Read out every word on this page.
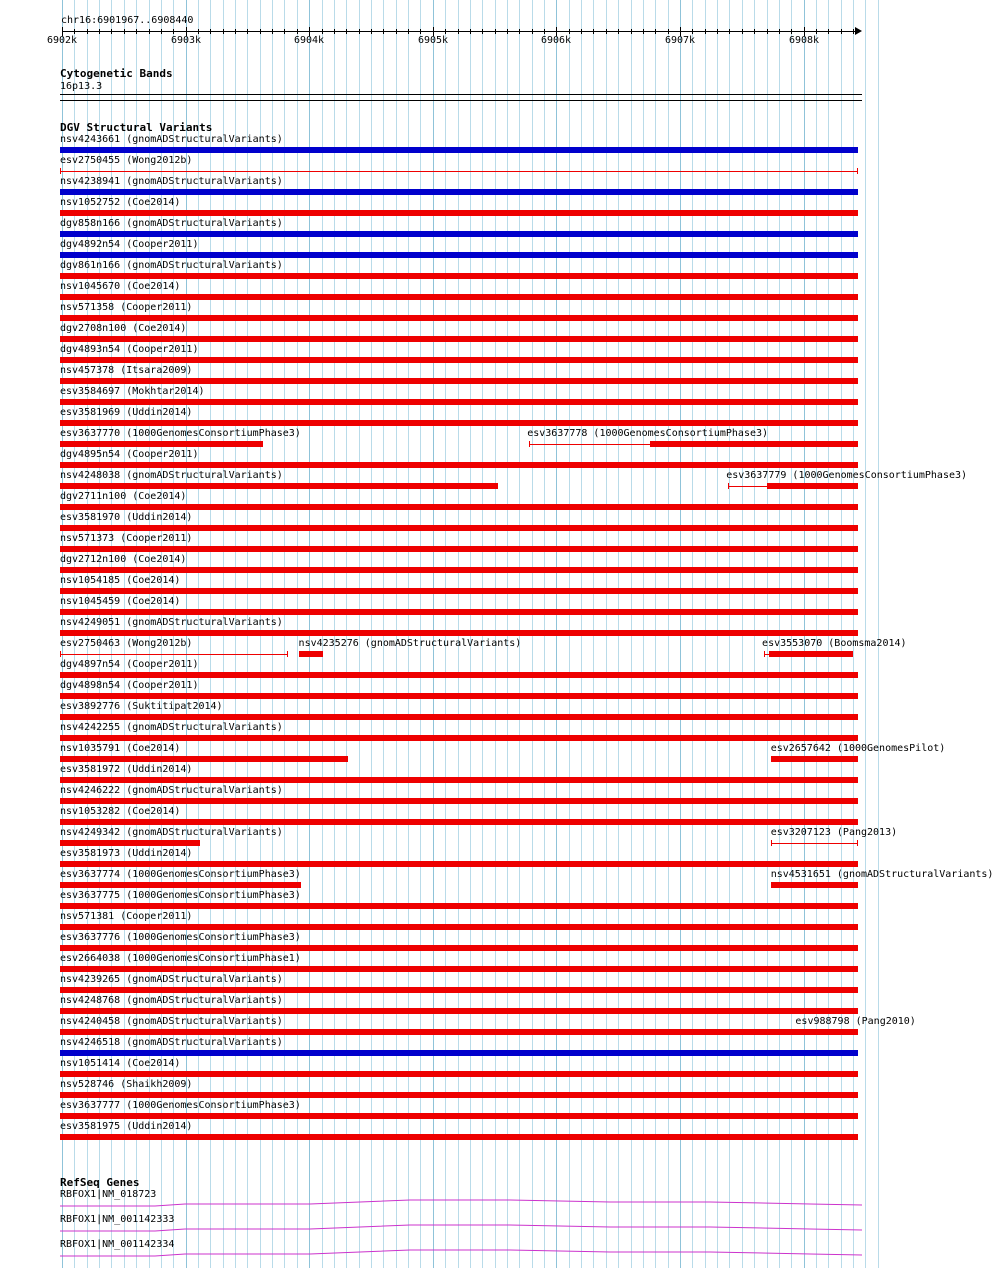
chr16:6901967..6908440
6902k	6903k	6904k	6905k	6906k	6907k	6908k
Cytogenetic Bands
16p13.3
DGV Structural Variants
nsv4243661 (gnomADStructuralVariants)
esv2750455 (Wong2012b)
nsv4238941 (gnomADStructuralVariants)
nsv1052752 (Coe2014)
dgv858n166 (gnomADStructuralVariants)
dgv4892n54 (Cooper2011)
dgv861n166 (gnomADStructuralVariants)
nsv1045670 (Coe2014)
nsv571358 (Cooper2011)
dgv2708n100 (Coe2014)
dgv4893n54 (Cooper2011)
nsv457378 (Itsara2009)
esv3584697 (Mokhtar2014)
esv3581969 (Uddin2014)
esv3637770 (1000GenomesConsortiumPhase3)	esv3637778 (1000GenomesConsortiumPhase3)
dgv4895n54 (Cooper2011)
nsv4248038 (gnomADStructuralVariants)	esv3637779 (1000GenomesConsortiumPhase3)
dgv2711n100 (Coe2014)
esv3581970 (Uddin2014)
nsv571373 (Cooper2011)
dgv2712n100 (Coe2014)
nsv1054185 (Coe2014)
nsv1045459 (Coe2014)
nsv4249051 (gnomADStructuralVariants)
esv2750463 (Wong2012b)	nsv4235276 (gnomADStructuralVariants)	esv3553070 (Boomsma2014)
dgv4897n54 (Cooper2011)
dgv4898n54 (Cooper2011)
esv3892776 (Suktitipat2014)
nsv4242255 (gnomADStructuralVariants)
nsv1035791 (Coe2014)	esv2657642 (1000GenomesPilot)
esv3581972 (Uddin2014)
nsv4246222 (gnomADStructuralVariants)
nsv1053282 (Coe2014)
nsv4249342 (gnomADStructuralVariants)	esv3207123 (Pang2013)
esv3581973 (Uddin2014)
esv3637774 (1000GenomesConsortiumPhase3)	nsv4531651 (gnomADStructuralVariants)
esv3637775 (1000GenomesConsortiumPhase3)
nsv571381 (Cooper2011)
esv3637776 (1000GenomesConsortiumPhase3)
esv2664038 (1000GenomesConsortiumPhase1)
nsv4239265 (gnomADStructuralVariants)
nsv4248768 (gnomADStructuralVariants)
nsv4240458 (gnomADStructuralVariants)	esv988798 (Pang2010)
nsv4246518 (gnomADStructuralVariants)
nsv1051414 (Coe2014)
nsv528746 (Shaikh2009)
esv3637777 (1000GenomesConsortiumPhase3)
esv3581975 (Uddin2014)
RefSeq Genes
RBFOX1|NM_018723
RBFOX1|NM_001142333
RBFOX1|NM_001142334
